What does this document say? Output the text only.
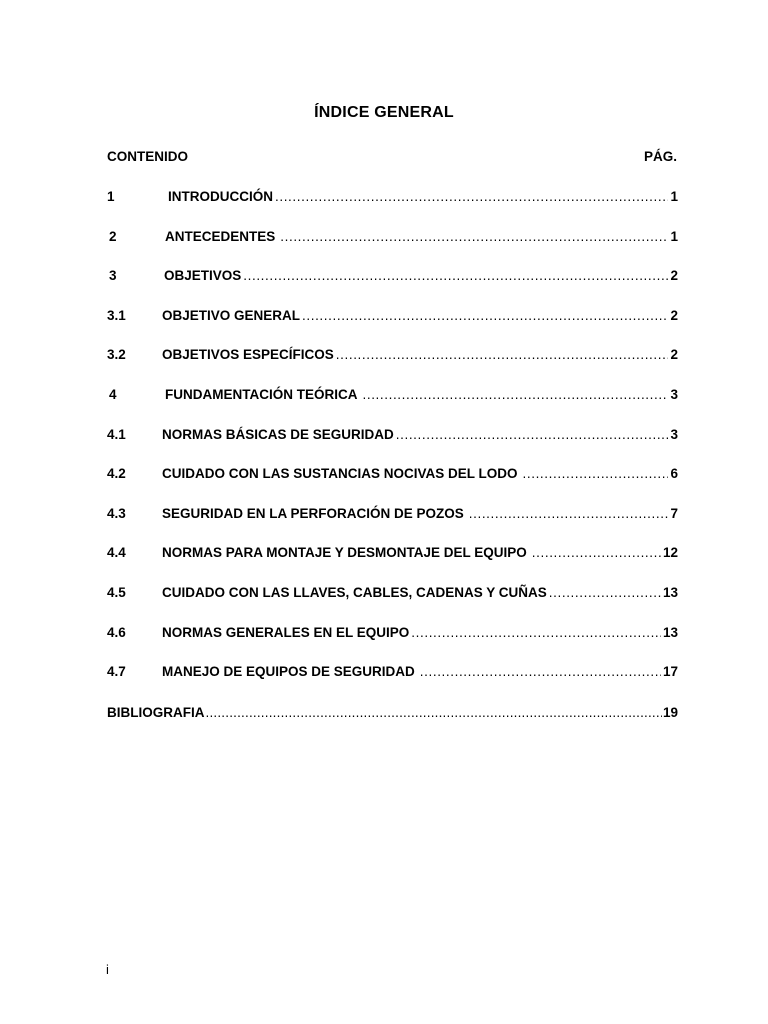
ÍNDICE GENERAL
CONTENIDO	PÁG.
1	INTRODUCCIÓN .....	1
2	ANTECEDENTES .....	1
3	OBJETIVOS .....	2
3.1	OBJETIVO GENERAL .....	2
3.2	OBJETIVOS ESPECÍFICOS .....	2
4	FUNDAMENTACIÓN TEÓRICA .....	3
4.1	NORMAS BÁSICAS DE SEGURIDAD .....	3
4.2	CUIDADO CON LAS SUSTANCIAS NOCIVAS DEL LODO .....	6
4.3	SEGURIDAD EN LA PERFORACIÓN DE POZOS .....	7
4.4	NORMAS PARA MONTAJE Y DESMONTAJE DEL EQUIPO .....	12
4.5	CUIDADO CON LAS LLAVES, CABLES, CADENAS Y CUÑAS .....	13
4.6	NORMAS GENERALES EN EL EQUIPO .....	13
4.7	MANEJO DE EQUIPOS DE SEGURIDAD .....	17
BIBLIOGRAFIA .....	19
i
